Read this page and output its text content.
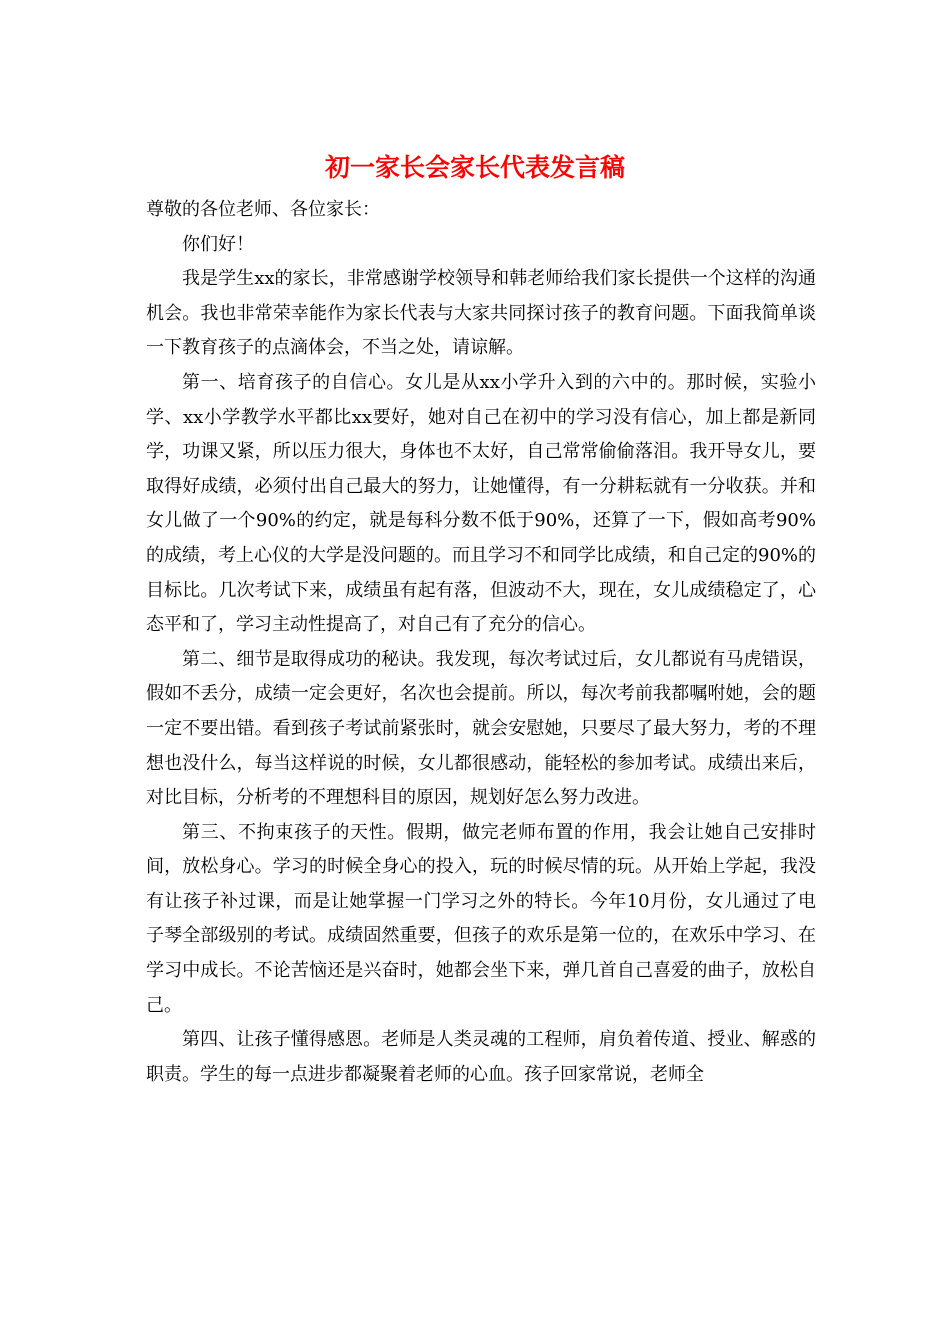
初一家长会家长代表发言稿

尊敬的各位老师、各位家长：

你们好！

我是学生xx的家长，非常感谢学校领导和韩老师给我们家长提供一个这样的沟通机会。我也非常荣幸能作为家长代表与大家共同探讨孩子的教育问题。下面我简单谈一下教育孩子的点滴体会，不当之处，请谅解。

第一、培育孩子的自信心。女儿是从xx小学升入到的六中的。那时候，实验小学、xx小学教学水平都比xx要好，她对自己在初中的学习没有信心，加上都是新同学，功课又紧，所以压力很大，身体也不太好，自己常常偷偷落泪。我开导女儿，要取得好成绩，必须付出自己最大的努力，让她懂得，有一分耕耘就有一分收获。并和女儿做了一个90%的约定，就是每科分数不低于90%，还算了一下，假如高考90%的成绩，考上心仪的大学是没问题的。而且学习不和同学比成绩，和自己定的90%的目标比。几次考试下来，成绩虽有起有落，但波动不大，现在，女儿成绩稳定了，心态平和了，学习主动性提高了，对自己有了充分的信心。

第二、细节是取得成功的秘诀。我发现，每次考试过后，女儿都说有马虎错误，假如不丢分，成绩一定会更好，名次也会提前。所以，每次考前我都嘱咐她，会的题一定不要出错。看到孩子考试前紧张时，就会安慰她，只要尽了最大努力，考的不理想也没什么，每当这样说的时候，女儿都很感动，能轻松的参加考试。成绩出来后，对比目标，分析考的不理想科目的原因，规划好怎么努力改进。

第三、不拘束孩子的天性。假期，做完老师布置的作用，我会让她自己安排时间，放松身心。学习的时候全身心的投入，玩的时候尽情的玩。从开始上学起，我没有让孩子补过课，而是让她掌握一门学习之外的特长。今年10月份，女儿通过了电子琴全部级别的考试。成绩固然重要，但孩子的欢乐是第一位的，在欢乐中学习、在学习中成长。不论苦恼还是兴奋时，她都会坐下来，弹几首自己喜爱的曲子，放松自己。

第四、让孩子懂得感恩。老师是人类灵魂的工程师，肩负着传道、授业、解惑的职责。学生的每一点进步都凝聚着老师的心血。孩子回家常说，老师全
